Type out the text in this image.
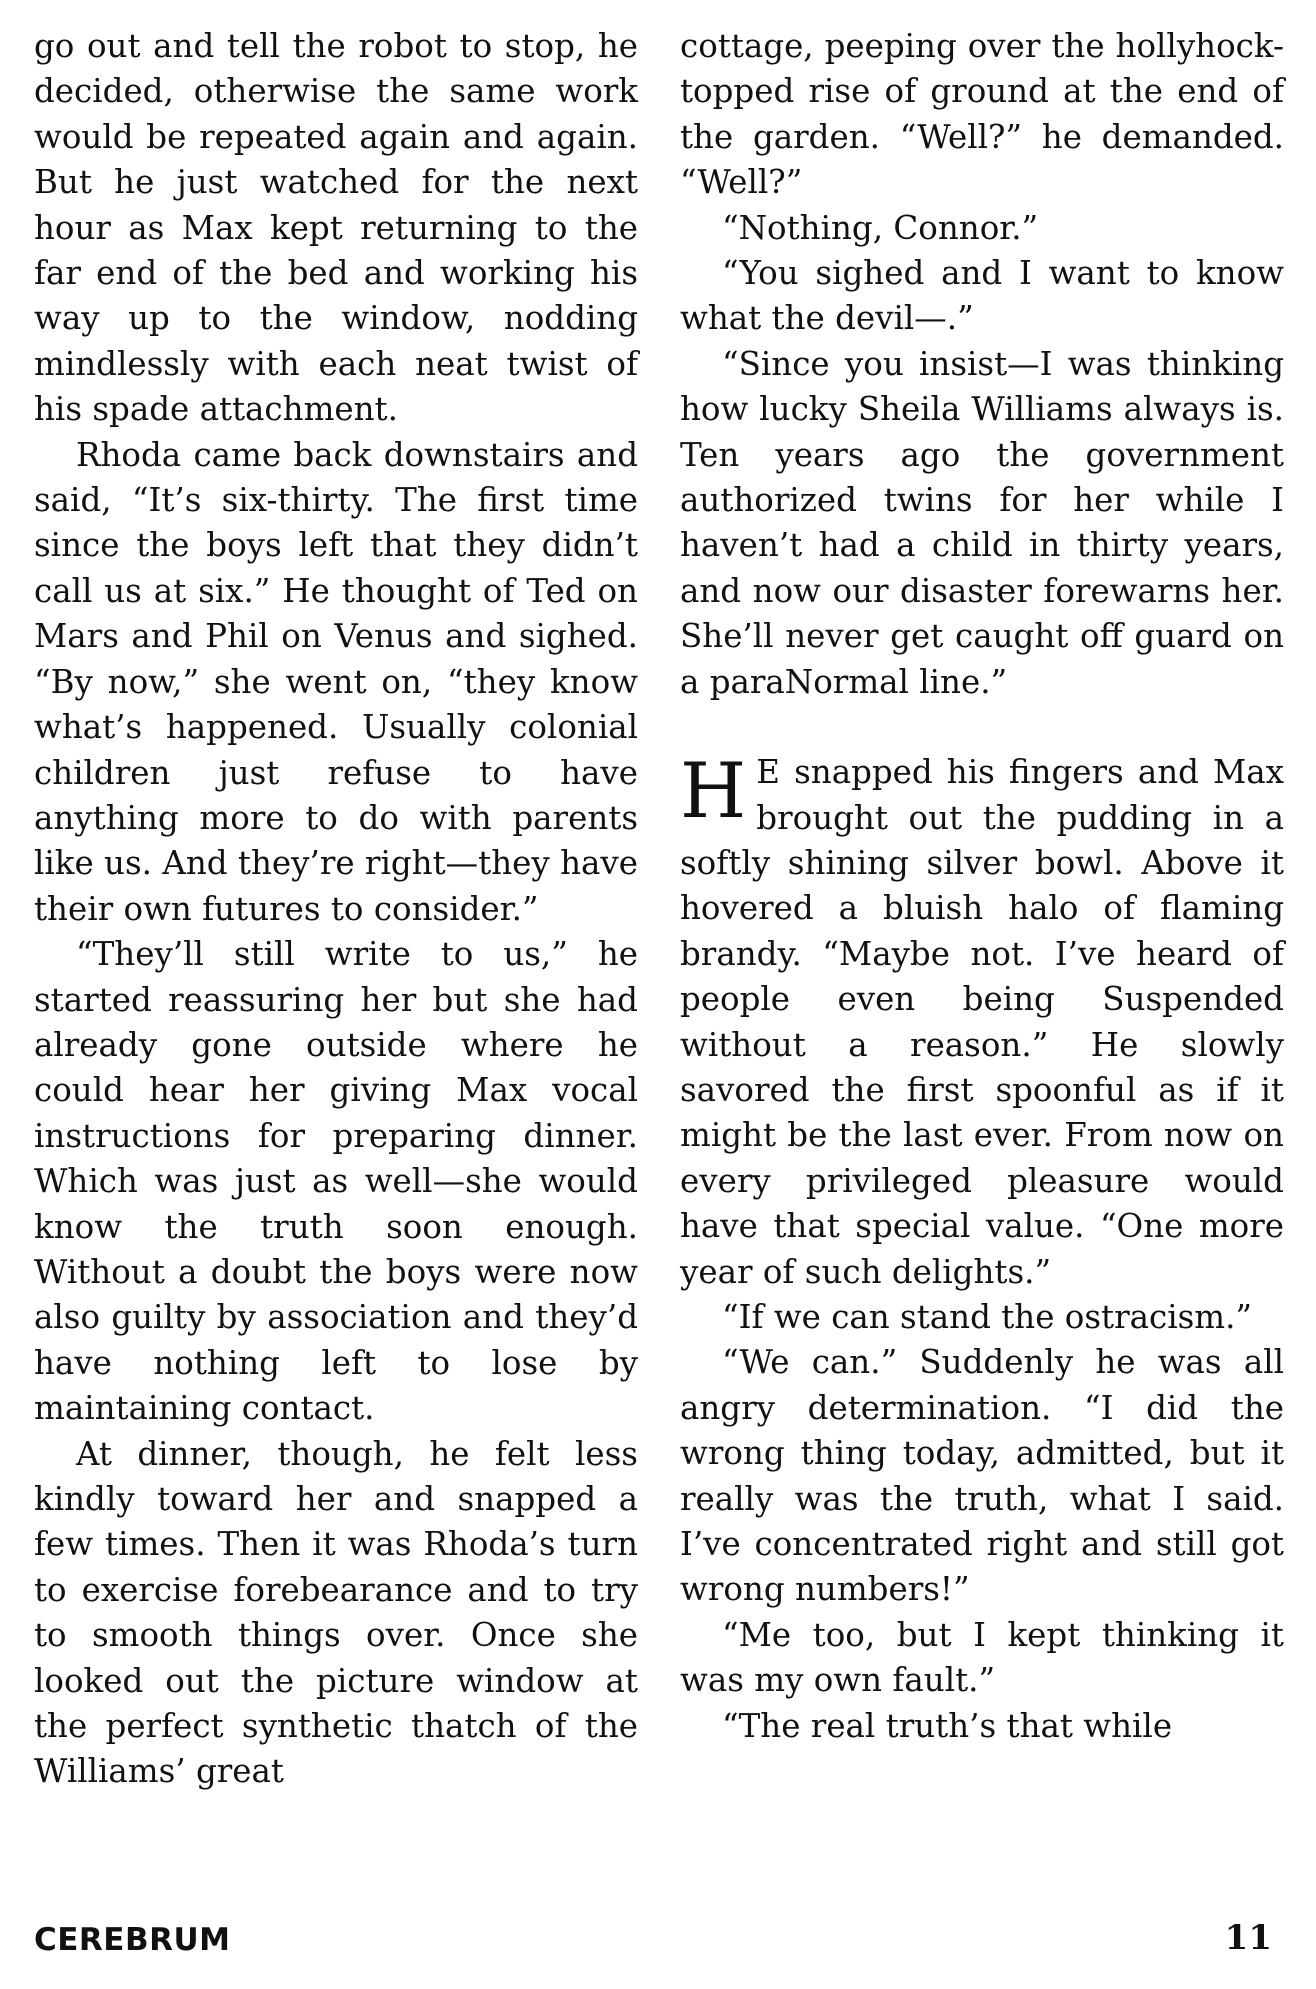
go out and tell the robot to stop, he decided, otherwise the same work would be repeated again and again. But he just watched for the next hour as Max kept returning to the far end of the bed and working his way up to the window, nodding mindlessly with each neat twist of his spade attachment.

Rhoda came back downstairs and said, “It’s six-thirty. The first time since the boys left that they didn’t call us at six.” He thought of Ted on Mars and Phil on Venus and sighed. “By now,” she went on, “they know what’s happened. Usually colonial children just refuse to have anything more to do with parents like us. And they’re right—they have their own futures to consider.”

“They’ll still write to us,” he started reassuring her but she had already gone outside where he could hear her giving Max vocal instructions for preparing dinner. Which was just as well—she would know the truth soon enough. Without a doubt the boys were now also guilty by association and they’d have nothing left to lose by maintaining contact.

At dinner, though, he felt less kindly toward her and snapped a few times. Then it was Rhoda’s turn to exercise forebearance and to try to smooth things over. Once she looked out the picture window at the perfect synthetic thatch of the Williams’ great

cottage, peeping over the hollyhock-topped rise of ground at the end of the garden. “Well?” he demanded. “Well?”

“Nothing, Connor.”

“You sighed and I want to know what the devil—.”

“Since you insist—I was thinking how lucky Sheila Williams always is. Ten years ago the government authorized twins for her while I haven’t had a child in thirty years, and now our disaster forewarns her. She’ll never get caught off guard on a paraNormal line.”

H E snapped his fingers and Max brought out the pudding in a softly shining silver bowl. Above it hovered a bluish halo of flaming brandy. “Maybe not. I’ve heard of people even being Suspended without a reason.” He slowly savored the first spoonful as if it might be the last ever. From now on every privileged pleasure would have that special value. “One more year of such delights.”

“If we can stand the ostracism.”

“We can.” Suddenly he was all angry determination. “I did the wrong thing today, admitted, but it really was the truth, what I said. I’ve concentrated right and still got wrong numbers!”

“Me too, but I kept thinking it was my own fault.”

“The real truth’s that while

CEREBRUM	11
